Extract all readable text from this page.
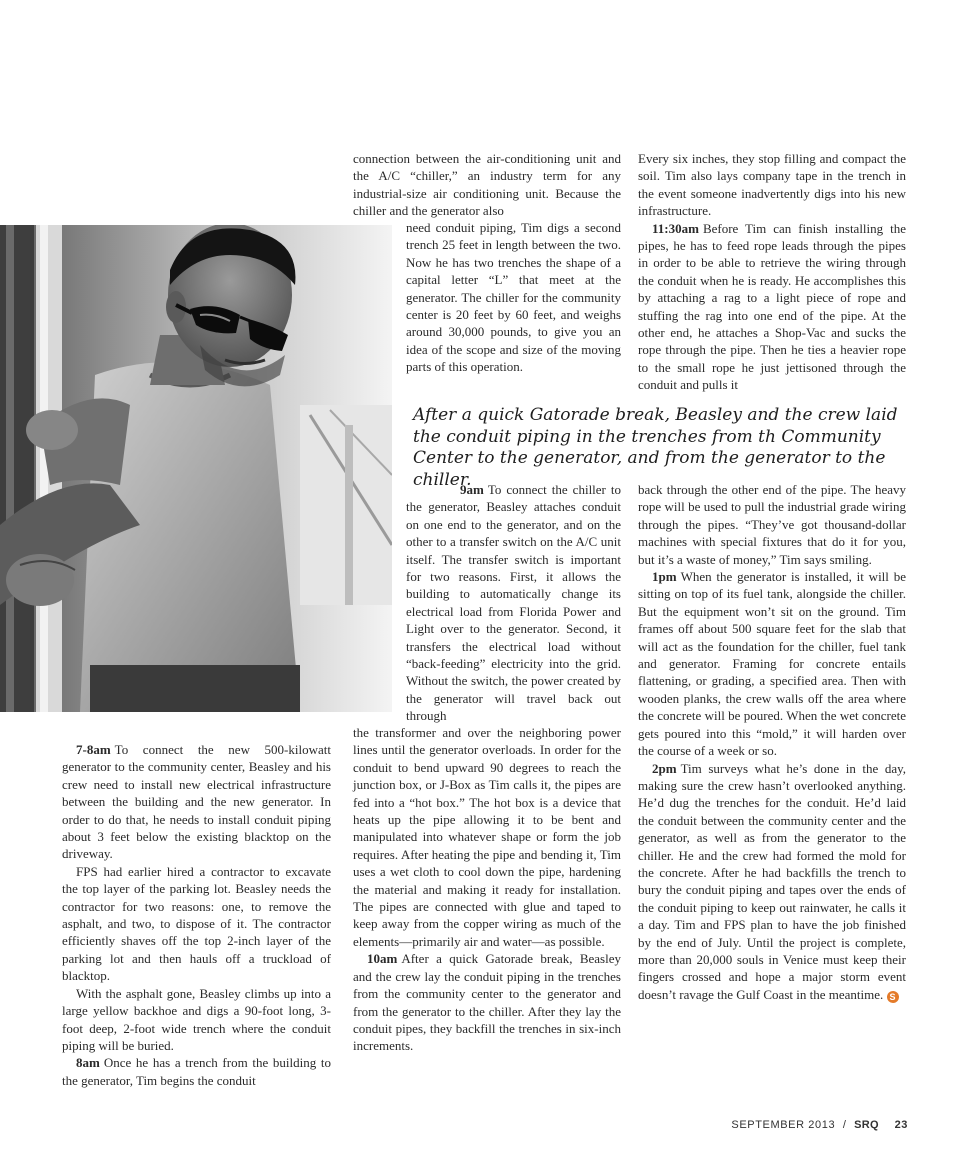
connection between the air-conditioning unit and the A/C “chiller,” an industry term for any industrial-size air conditioning unit. Because the chiller and the generator also

need conduit piping, Tim digs a second trench 25 feet in length between the two. Now he has two trenches the shape of a capital letter “L” that meet at the generator. The chiller for the community center is 20 feet by 60 feet, and weighs around 30,000 pounds, to give you an idea of the scope and size of the moving parts of this operation.

Every six inches, they stop filling and compact the soil. Tim also lays company tape in the trench in the event someone inadvertently digs into his new infrastructure.

11:30am Before Tim can finish installing the pipes, he has to feed rope leads through the pipes in order to be able to retrieve the wiring through the conduit when he is ready. He accomplishes this by attaching a rag to a light piece of rope and stuffing the rag into one end of the pipe. At the other end, he attaches a Shop-Vac and sucks the rope through the pipe. Then he ties a heavier rope to the small rope he just jettisoned through the conduit and pulls it

After a quick Gatorade break, Beasley and the crew laid the conduit piping in the trenches from th Community Center to the generator, and from the generator to the chiller.

7-8am To connect the new 500-kilowatt generator to the community center, Beasley and his crew need to install new electrical infrastructure between the building and the new generator. In order to do that, he needs to install conduit piping about 3 feet below the existing blacktop on the driveway.

FPS had earlier hired a contractor to excavate the top layer of the parking lot. Beasley needs the contractor for two reasons: one, to remove the asphalt, and two, to dispose of it. The contractor efficiently shaves off the top 2-inch layer of the parking lot and then hauls off a truckload of blacktop.

With the asphalt gone, Beasley climbs up into a large yellow backhoe and digs a 90-foot long, 3-foot deep, 2-foot wide trench where the conduit piping will be buried.

8am Once he has a trench from the building to the generator, Tim begins the conduit

9am To connect the chiller to the generator, Beasley attaches conduit on one end to the generator, and on the other to a transfer switch on the A/C unit itself. The transfer switch is important for two reasons. First, it allows the building to automatically change its electrical load from Florida Power and Light over to the generator. Second, it transfers the electrical load without “back-feeding” electricity into the grid. Without the switch, the power created by the generator will travel back out through

the transformer and over the neighboring power lines until the generator overloads. In order for the conduit to bend upward 90 degrees to reach the junction box, or J-Box as Tim calls it, the pipes are fed into a “hot box.” The hot box is a device that heats up the pipe allowing it to be bent and manipulated into whatever shape or form the job requires. After heating the pipe and bending it, Tim uses a wet cloth to cool down the pipe, hardening the material and making it ready for installation. The pipes are connected with glue and taped to keep away from the copper wiring as much of the elements—primarily air and water—as possible.

10am After a quick Gatorade break, Beasley and the crew lay the conduit piping in the trenches from the community center to the generator and from the generator to the chiller. After they lay the conduit pipes, they backfill the trenches in six-inch increments.

back through the other end of the pipe. The heavy rope will be used to pull the industrial grade wiring through the pipes. “They’ve got thousand-dollar machines with special fixtures that do it for you, but it’s a waste of money,” Tim says smiling.

1pm When the generator is installed, it will be sitting on top of its fuel tank, alongside the chiller. But the equipment won’t sit on the ground. Tim frames off about 500 square feet for the slab that will act as the foundation for the chiller, fuel tank and generator. Framing for concrete entails flattening, or grading, a specified area. Then with wooden planks, the crew walls off the area where the concrete will be poured. When the wet concrete gets poured into this “mold,” it will harden over the course of a week or so.

2pm Tim surveys what he’s done in the day, making sure the crew hasn’t overlooked anything. He’d dug the trenches for the conduit. He’d laid the conduit between the community center and the generator, as well as from the generator to the chiller. He and the crew had formed the mold for the concrete. After he had backfills the trench to bury the conduit piping and tapes over the ends of the conduit piping to keep out rainwater, he calls it a day. Tim and FPS plan to have the job finished by the end of July. Until the project is complete, more than 20,000 souls in Venice must keep their fingers crossed and hope a major storm event doesn’t ravage the Gulf Coast in the meantime. S

SEPTEMBER 2013 / SRQ 23
